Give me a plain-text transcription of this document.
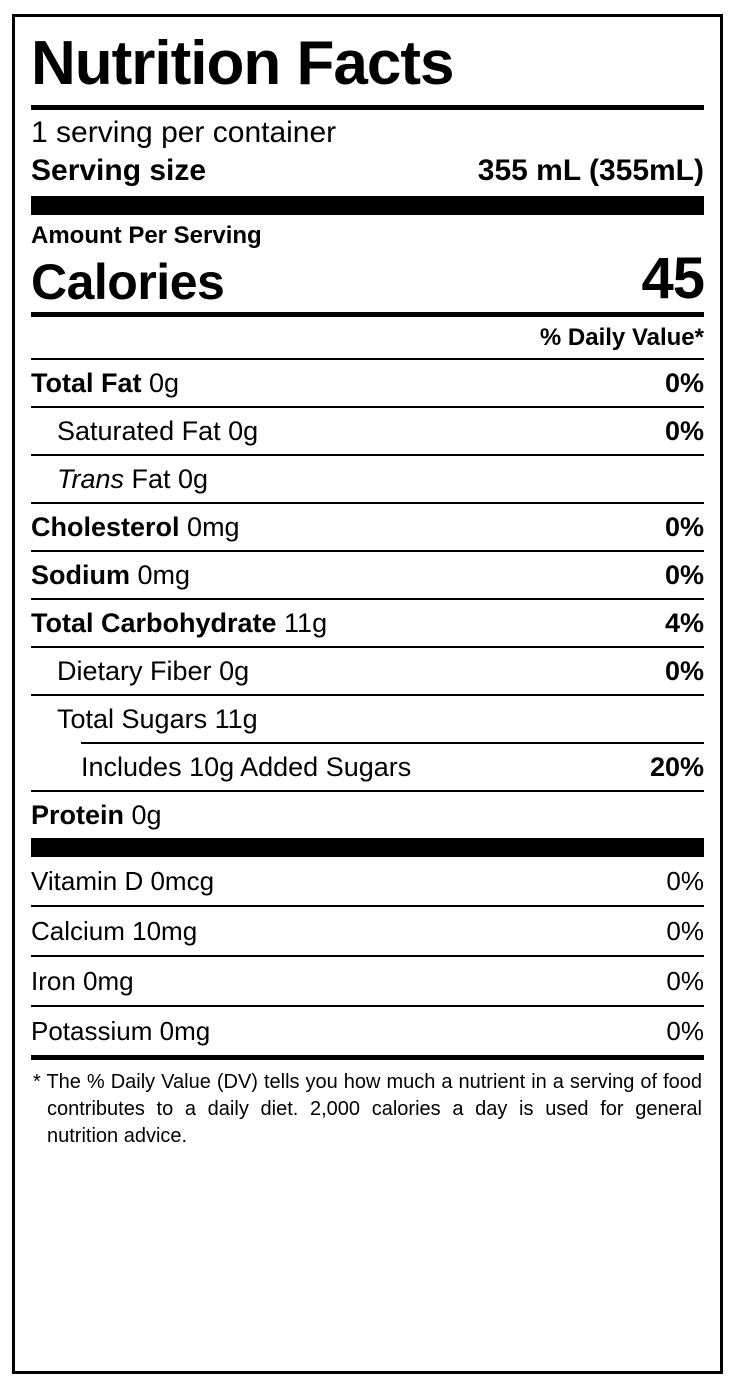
Nutrition Facts
1 serving per container
Serving size	355 mL (355mL)
Amount Per Serving
Calories	45
% Daily Value*
Total Fat 0g	0%
Saturated Fat 0g	0%
Trans Fat 0g
Cholesterol 0mg	0%
Sodium 0mg	0%
Total Carbohydrate 11g	4%
Dietary Fiber 0g	0%
Total Sugars 11g
Includes 10g Added Sugars	20%
Protein 0g
Vitamin D 0mcg	0%
Calcium 10mg	0%
Iron 0mg	0%
Potassium 0mg	0%

* The % Daily Value (DV) tells you how much a nutrient in a serving of food contributes to a daily diet. 2,000 calories a day is used for general nutrition advice.
